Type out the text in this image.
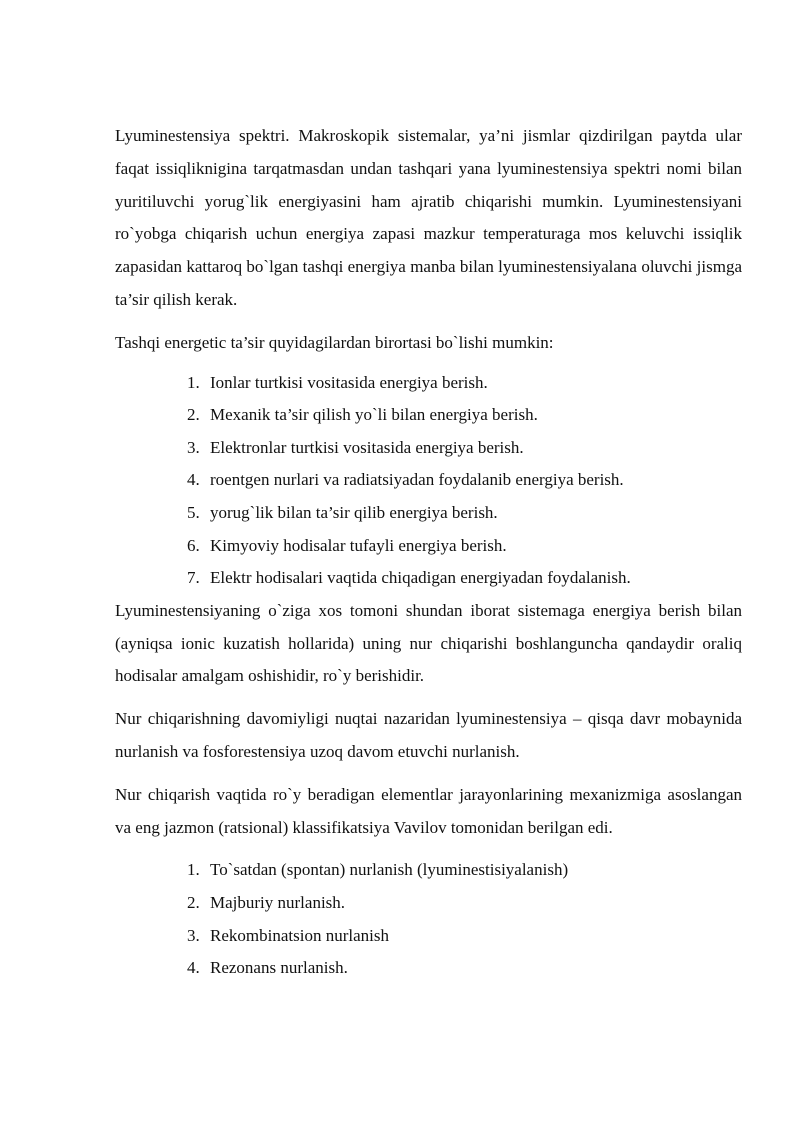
Lyuminestensiya spektri. Makroskopik sistemalar, ya’ni jismlar qizdirilgan paytda ular faqat issiqliknigina tarqatmasdan undan tashqari yana lyuminestensiya spektri nomi bilan yuritiluvchi yorug`lik energiyasini ham ajratib chiqarishi mumkin. Lyuminestensiyani ro`yobga chiqarish uchun energiya zapasi mazkur temperaturaga mos keluvchi issiqlik zapasidan kattaroq bo`lgan tashqi energiya manba bilan lyuminestensiyalana oluvchi jismga ta’sir qilish kerak.

Tashqi energetic ta’sir quyidagilardan birortasi bo`lishi mumkin:

1. Ionlar turtkisi vositasida energiya berish.
2. Mexanik ta’sir qilish yo`li bilan energiya berish.
3. Elektronlar turtkisi vositasida energiya berish.
4. roentgen nurlari va radiatsiyadan foydalanib energiya berish.
5. yorug`lik bilan ta’sir qilib energiya berish.
6. Kimyoviy hodisalar tufayli energiya berish.
7. Elektr hodisalari vaqtida chiqadigan energiyadan foydalanish.

Lyuminestensiyaning o`ziga xos tomoni shundan iborat sistemaga energiya berish bilan (ayniqsa ionic kuzatish hollarida) uning nur chiqarishi boshlanguncha qandaydir oraliq hodisalar amalgam oshishidir, ro`y berishidir.

Nur chiqarishning davomiyligi nuqtai nazaridan lyuminestensiya – qisqa davr mobaynida nurlanish va fosforestensiya uzoq davom etuvchi nurlanish.

Nur chiqarish vaqtida ro`y beradigan elementlar jarayonlarining mexanizmiga asoslangan va eng jazmon (ratsional) klassifikatsiya Vavilov tomonidan berilgan edi.

1. To`satdan (spontan) nurlanish (lyuminestisiyalanish)
2. Majburiy nurlanish.
3. Rekombinatsion nurlanish
4. Rezonans nurlanish.
